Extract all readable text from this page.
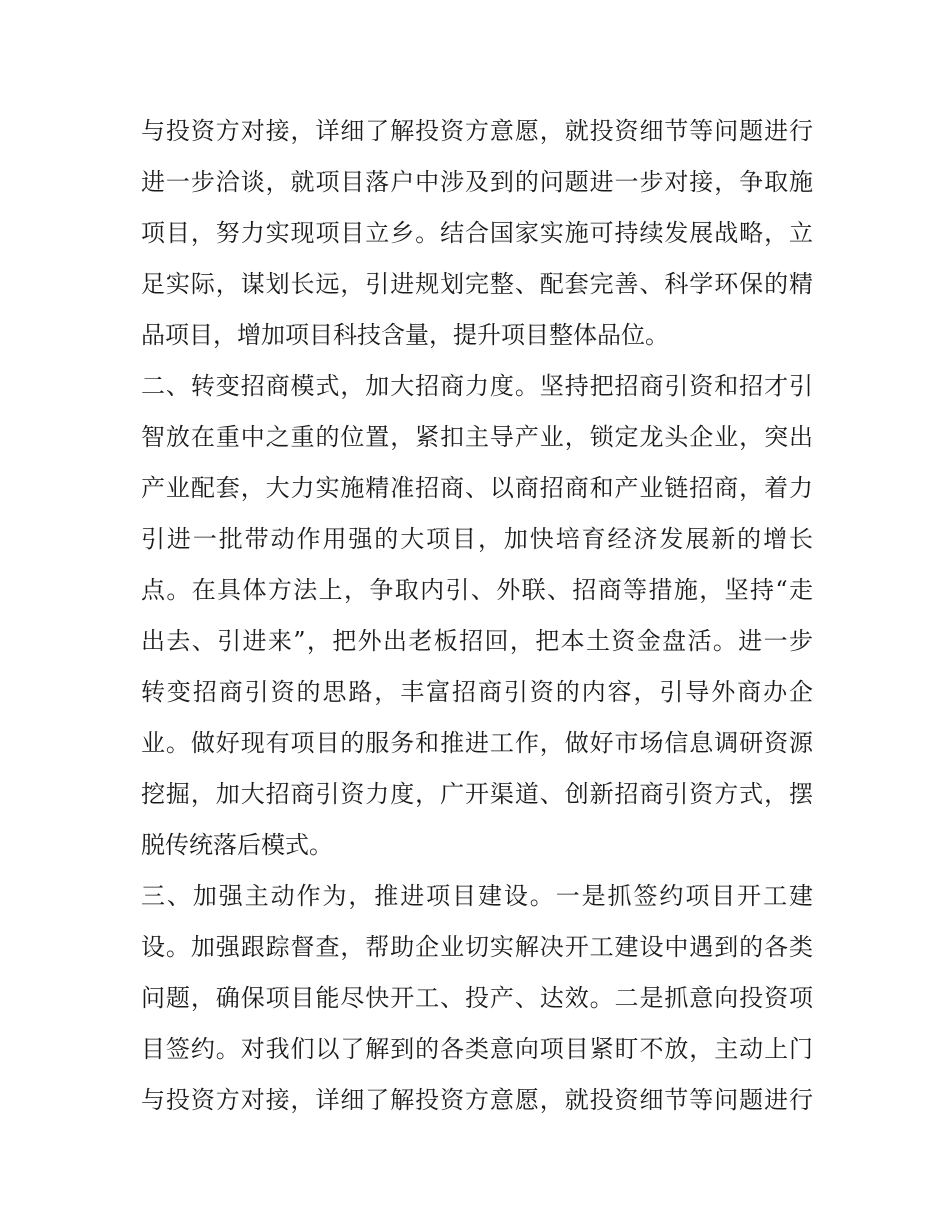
与投资方对接，详细了解投资方意愿，就投资细节等问题进行
进一步洽谈，就项目落户中涉及到的问题进一步对接，争取施
项目，努力实现项目立乡。结合国家实施可持续发展战略，立
足实际，谋划长远，引进规划完整、配套完善、科学环保的精
品项目，增加项目科技含量，提升项目整体品位。
二、转变招商模式，加大招商力度。坚持把招商引资和招才引
智放在重中之重的位置，紧扣主导产业，锁定龙头企业，突出
产业配套，大力实施精准招商、以商招商和产业链招商，着力
引进一批带动作用强的大项目，加快培育经济发展新的增长
点。在具体方法上，争取内引、外联、招商等措施，坚持“走
出去、引进来”，把外出老板招回，把本土资金盘活。进一步
转变招商引资的思路，丰富招商引资的内容，引导外商办企
业。做好现有项目的服务和推进工作，做好市场信息调研资源
挖掘，加大招商引资力度，广开渠道、创新招商引资方式，摆
脱传统落后模式。
三、加强主动作为，推进项目建设。一是抓签约项目开工建
设。加强跟踪督查，帮助企业切实解决开工建设中遇到的各类
问题，确保项目能尽快开工、投产、达效。二是抓意向投资项
目签约。对我们以了解到的各类意向项目紧盯不放，主动上门
与投资方对接，详细了解投资方意愿，就投资细节等问题进行
